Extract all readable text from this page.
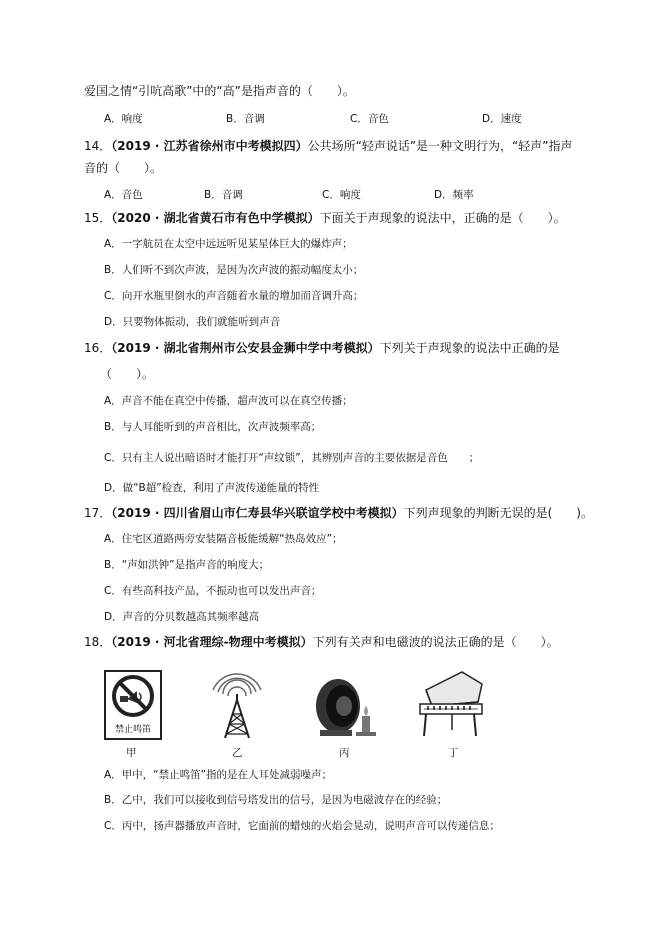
爱国之情“引吭高歌”中的“高”是指声音的（　　）。
A．响度	B．音调	C．音色	D．速度
14．（2019 · 江苏省徐州市中考模拟四）公共场所“轻声说话”是一种文明行为，“轻声”指声
音的（　　）。
A．音色	B．音调	C．响度	D．频率
15．（2020 · 湖北省黄石市有色中学模拟）下面关于声现象的说法中，正确的是（　　）。
A．一字航员在太空中远远听见某星体巨大的爆炸声；
B．人们听不到次声波，是因为次声波的振动幅度太小；
C．向开水瓶里倒水的声音随着水量的增加而音调升高；
D．只要物体振动，我们就能听到声音
16．（2019 · 湖北省荆州市公安县金狮中学中考模拟）下列关于声现象的说法中正确的是
（　　）。
A．声音不能在真空中传播，超声波可以在真空传播；
B．与人耳能听到的声音相比，次声波频率高；
C．只有主人说出暗语时才能打开“声纹锁”，其辨别声音的主要依据是音色　　；
D．做“B超”检查，利用了声波传递能量的特性
17．（2019 · 四川省眉山市仁寿县华兴联谊学校中考模拟）下列声现象的判断无误的是(　　)。
A．住宅区道路两旁安装隔音板能缓解“热岛效应”；
B．“声如洪钟”是指声音的响度大；
C．有些高科技产品，不振动也可以发出声音；
D．声音的分贝数越高其频率越高
18．（2019 · 河北省理综-物理中考模拟）下列有关声和电磁波的说法正确的是（　　）。
禁止鸣笛
甲	乙	丙	丁
A．甲中，“禁止鸣笛”指的是在人耳处减弱噪声；
B．乙中，我们可以接收到信号塔发出的信号，是因为电磁波存在的经验；
C．丙中，扬声器播放声音时，它面前的蜡烛的火焰会晃动，说明声音可以传递信息；
